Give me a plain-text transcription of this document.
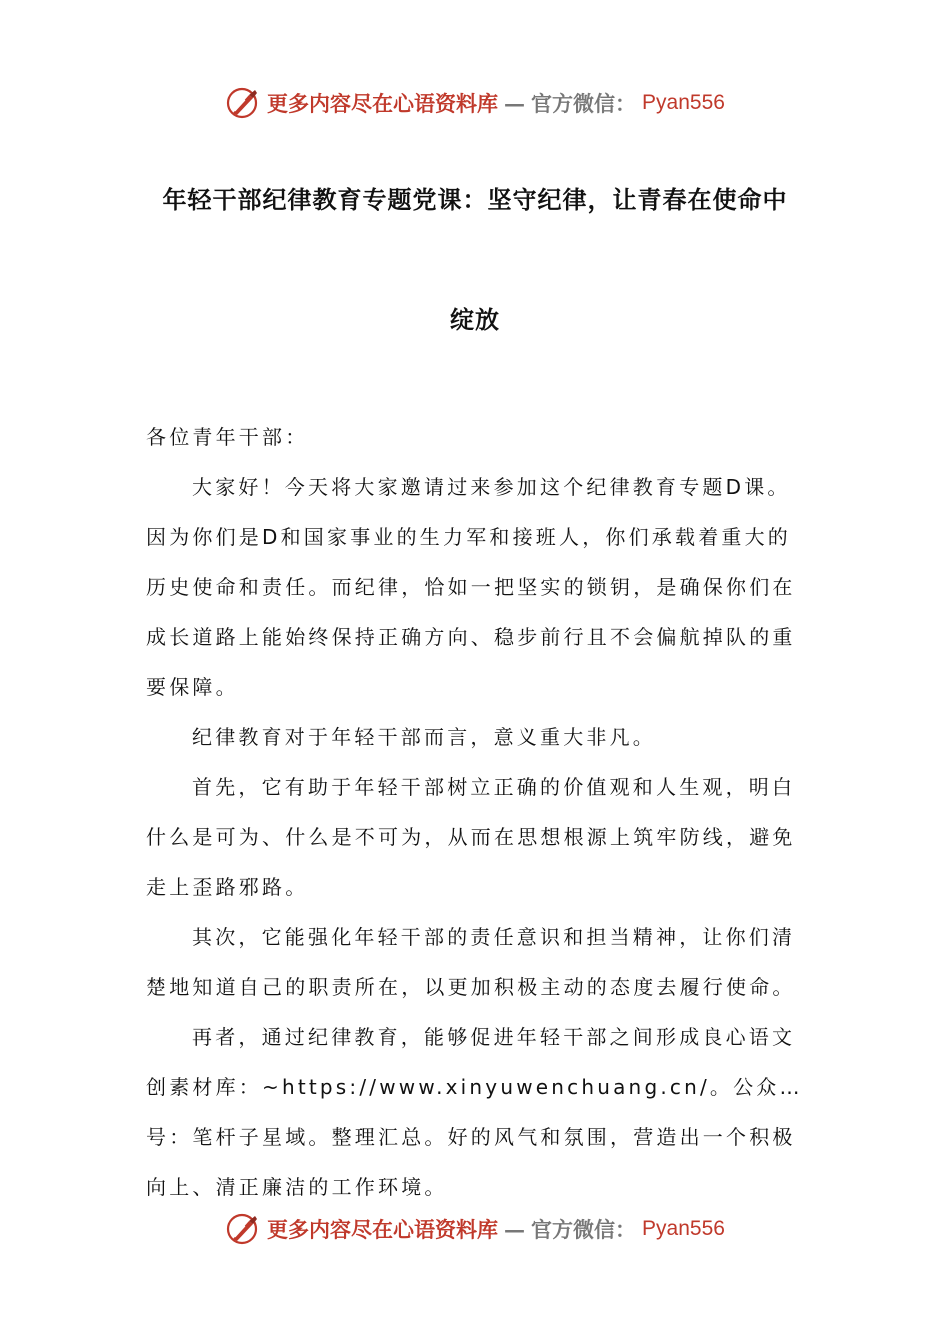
更多内容尽在心语资料库 — 官方微信： Pyan556
年轻干部纪律教育专题党课：坚守纪律，让青春在使命中
绽放

各位青年干部：

大家好！今天将大家邀请过来参加这个纪律教育专题D课。因为你们是D和国家事业的生力军和接班人，你们承载着重大的历史使命和责任。而纪律，恰如一把坚实的锁钥，是确保你们在成长道路上能始终保持正确方向、稳步前行且不会偏航掉队的重要保障。

纪律教育对于年轻干部而言，意义重大非凡。

首先，它有助于年轻干部树立正确的价值观和人生观，明白什么是可为、什么是不可为，从而在思想根源上筑牢防线，避免走上歪路邪路。

其次，它能强化年轻干部的责任意识和担当精神，让你们清楚地知道自己的职责所在，以更加积极主动的态度去履行使命。

再者，通过纪律教育，能够促进年轻干部之间形成良心语文创素材库：~https://www.xinyuwenchuang.cn/。公众…号：笔杆子星域。整理汇总。好的风气和氛围，营造出一个积极向上、清正廉洁的工作环境。

更多内容尽在心语资料库 — 官方微信： Pyan556
